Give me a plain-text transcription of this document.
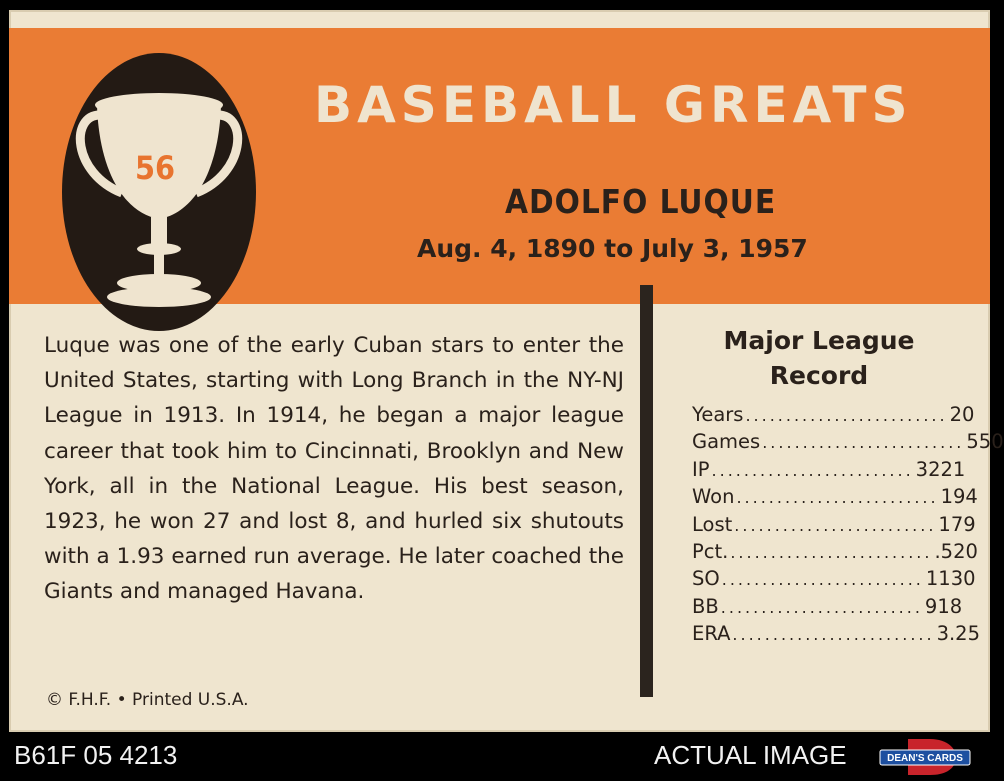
56
BASEBALL GREATS
ADOLFO LUQUE
Aug. 4, 1890 to July 3, 1957

Luque was one of the early Cuban stars to enter the United States, starting with Long Branch in the NY-NJ League in 1913. In 1914, he began a major league career that took him to Cincinnati, Brooklyn and New York, all in the National League. His best season, 1923, he won 27 and lost 8, and hurled six shutouts with a 1.93 earned run average. He later coached the Giants and managed Havana.

© F.H.F. • Printed U.S.A.
Major League Record
Years ......................... 20
Games ......................... 550
IP ......................... 3221
Won ......................... 194
Lost ......................... 179
Pct. ......................... .520
SO ......................... 1130
BB ......................... 918
ERA ......................... 3.25
B61F 05 4213	ACTUAL IMAGE	DEAN'S CARDS
